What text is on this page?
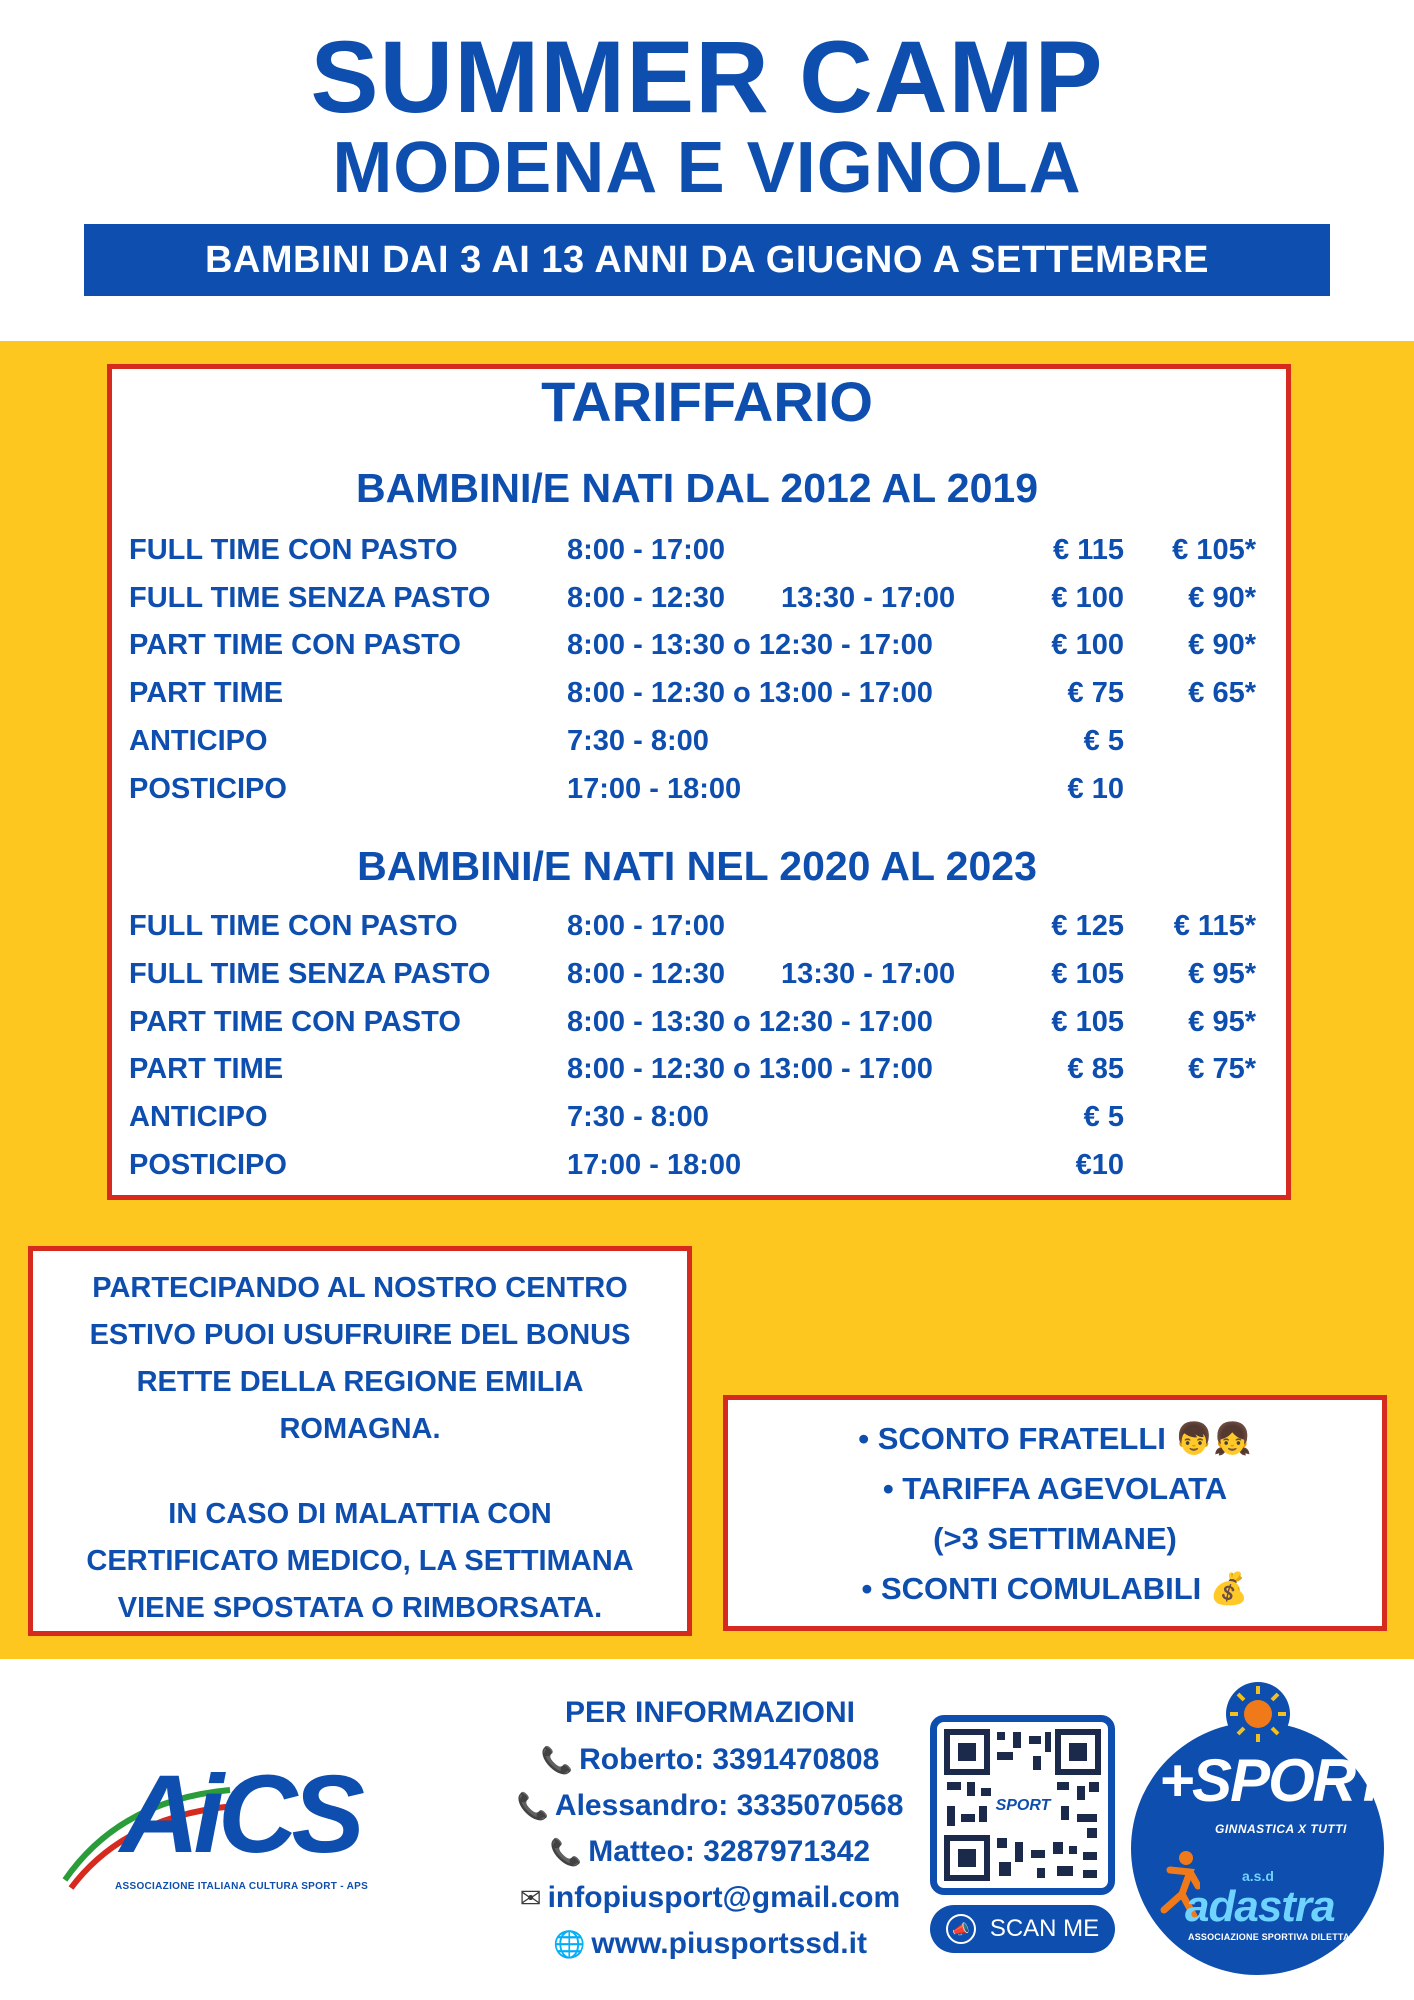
SUMMER CAMP
MODENA E VIGNOLA
BAMBINI DAI 3 AI 13 ANNI DA GIUGNO A SETTEMBRE
TARIFFARIO
BAMBINI/E NATI DAL 2012 AL 2019
FULL TIME CON PASTO	8:00 - 17:00	€ 115 € 105*
FULL TIME SENZA PASTO	8:00 - 12:30 13:30 - 17:00	€ 100 € 90*
PART TIME CON PASTO	8:00 - 13:30 o 12:30 - 17:00	€ 100 € 90*
PART TIME	8:00 - 12:30 o 13:00 - 17:00	€ 75 € 65*
ANTICIPO	7:30 - 8:00	€ 5
POSTICIPO	17:00 - 18:00	€ 10
BAMBINI/E NATI NEL 2020 AL 2023
FULL TIME CON PASTO	8:00 - 17:00	€ 125 € 115*
FULL TIME SENZA PASTO	8:00 - 12:30 13:30 - 17:00	€ 105 € 95*
PART TIME CON PASTO	8:00 - 13:30 o 12:30 - 17:00	€ 105 € 95*
PART TIME	8:00 - 12:30 o 13:00 - 17:00	€ 85 € 75*
ANTICIPO	7:30 - 8:00	€ 5
POSTICIPO	17:00 - 18:00	€10

PARTECIPANDO AL NOSTRO CENTRO

ESTIVO PUOI USUFRUIRE DEL BONUS

RETTE DELLA REGIONE EMILIA

ROMAGNA.

IN CASO DI MALATTIA CON

CERTIFICATO MEDICO, LA SETTIMANA

VIENE SPOSTATA O RIMBORSATA.

• SCONTO FRATELLI 👦👧
• TARIFFA AGEVOLATA
(>3 SETTIMANE)
• SCONTI COMULABILI 💰
PER INFORMAZIONI
📞 Roberto: 3391470808
📞 Alessandro: 3335070568
📞 Matteo: 3287971342
✉ infopiusport@gmail.com
🌐 www.piusportssd.it
AiCS
ASSOCIAZIONE ITALIANA CULTURA SPORT - APS
SPORT
📣 SCAN ME
+SPORT
GINNASTICA X TUTTI
a.s.d
adastra
ASSOCIAZIONE SPORTIVA DILETTANTISTICA
